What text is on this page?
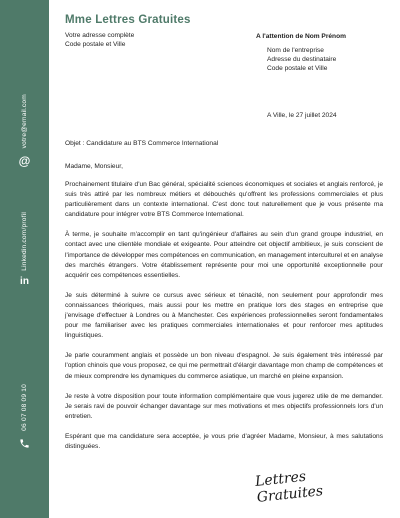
votre@email.com
@
Linkedin.com/profil
in
06 07 08 09 10
Mme Lettres Gratuites
Votre adresse complète
Code postale et Ville
A l'attention de Nom Prénom
Nom de l'entreprise
Adresse du destinataire
Code postale et Ville
A Ville, le 27 juillet 2024
Objet : Candidature au BTS Commerce International
Madame, Monsieur,

Prochainement titulaire d'un Bac général, spécialité sciences économiques et sociales et anglais renforcé, je suis très attiré par les nombreux métiers et débouchés qu'offrent les professions commerciales et plus particulièrement dans un contexte international. C'est donc tout naturellement que je vous présente ma candidature pour intégrer votre BTS Commerce International.

À terme, je souhaite m'accomplir en tant qu'ingénieur d'affaires au sein d'un grand groupe industriel, en contact avec une clientèle mondiale et exigeante. Pour atteindre cet objectif ambitieux, je suis conscient de l'importance de développer mes compétences en communication, en management interculturel et en analyse des marchés étrangers. Votre établissement représente pour moi une opportunité exceptionnelle pour acquérir ces compétences essentielles.

Je suis déterminé à suivre ce cursus avec sérieux et ténacité, non seulement pour approfondir mes connaissances théoriques, mais aussi pour les mettre en pratique lors des stages en entreprise que j'envisage d'effectuer à Londres ou à Manchester. Ces expériences professionnelles seront fondamentales pour me familiariser avec les pratiques commerciales internationales et pour renforcer mes aptitudes linguistiques.

Je parle couramment anglais et possède un bon niveau d'espagnol. Je suis également très intéressé par l'option chinois que vous proposez, ce qui me permettrait d'élargir davantage mon champ de compétences et de mieux comprendre les dynamiques du commerce asiatique, un marché en pleine expansion.

Je reste à votre disposition pour toute information complémentaire que vous jugerez utile de me demander. Je serais ravi de pouvoir échanger davantage sur mes motivations et mes objectifs professionnels lors d'un entretien.

Espérant que ma candidature sera acceptée, je vous prie d'agréer Madame, Monsieur, à mes salutations distinguées.

Lettres Gratuites
